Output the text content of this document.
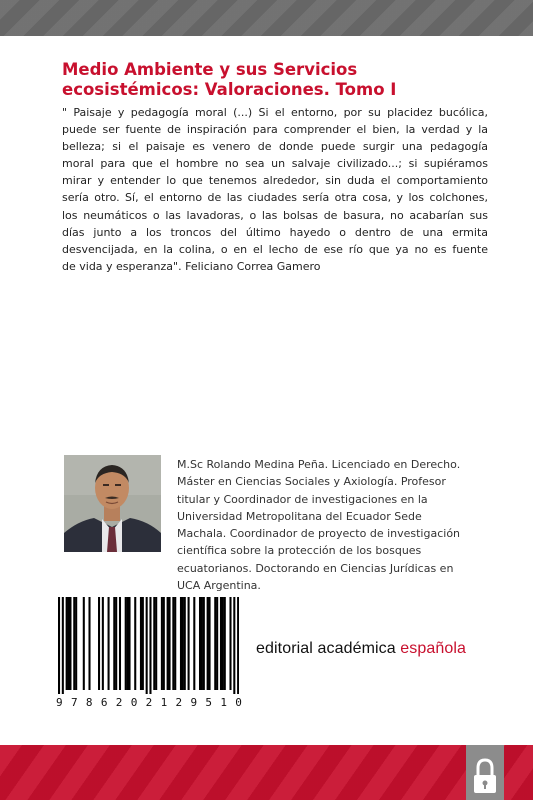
Medio Ambiente y sus Servicios
ecosistémicos: Valoraciones. Tomo I
" Paisaje y pedagogía moral (...) Si el entorno, por su placidez bucólica,
puede ser fuente de inspiración para comprender el bien, la verdad y la
belleza; si el paisaje es venero de donde puede surgir una pedagogía
moral para que el hombre no sea un salvaje civilizado...; si supiéramos
mirar y entender lo que tenemos alrededor, sin duda el comportamiento
sería otro. Sí, el entorno de las ciudades sería otra cosa, y los colchones,
los neumáticos o las lavadoras, o las bolsas de basura, no acabarían sus
días junto a los troncos del último hayedo o dentro de una ermita
desvencijada, en la colina, o en el lecho de ese río que ya no es fuente
de vida y esperanza". Feliciano Correa Gamero
M.Sc Rolando Medina Peña. Licenciado en Derecho.
Máster en Ciencias Sociales y Axiología. Profesor
titular y Coordinador de investigaciones en la
Universidad Metropolitana del Ecuador Sede
Machala. Coordinador de proyecto de investigación
científica sobre la protección de los bosques
ecuatorianos. Doctorando en Ciencias Jurídicas en
UCA Argentina.
9 7 8 6 2 0 2 1 2 9 5 1 0
editorial académica española
